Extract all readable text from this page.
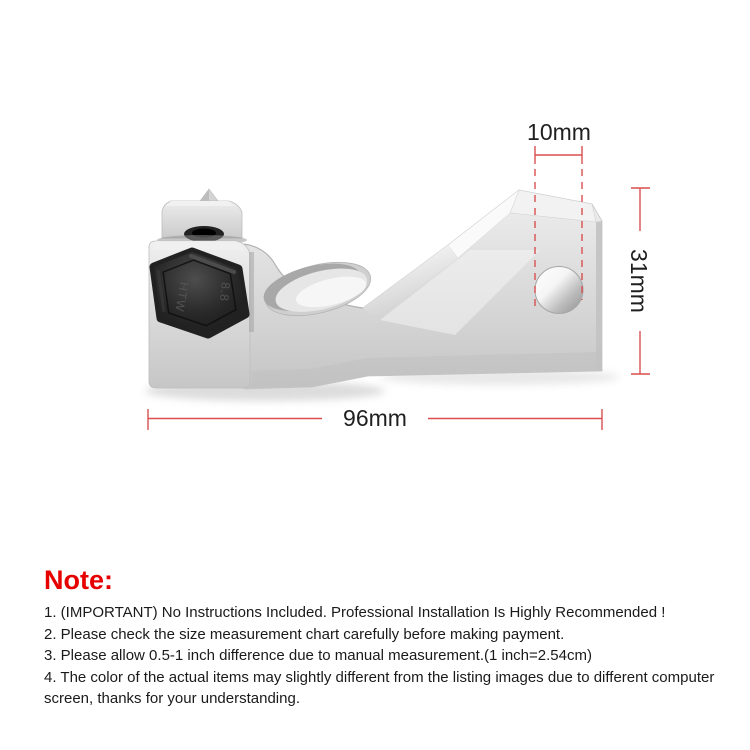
HTW 8.8
10mm
31mm
96mm
Note:

1. (IMPORTANT) No Instructions Included. Professional Installation Is Highly Recommended !

2. Please check the size measurement chart carefully before making payment.

3. Please allow 0.5-1 inch difference due to manual measurement.(1 inch=2.54cm)

4. The color of the actual items may slightly different from the listing images due to different computer screen, thanks for your understanding.
